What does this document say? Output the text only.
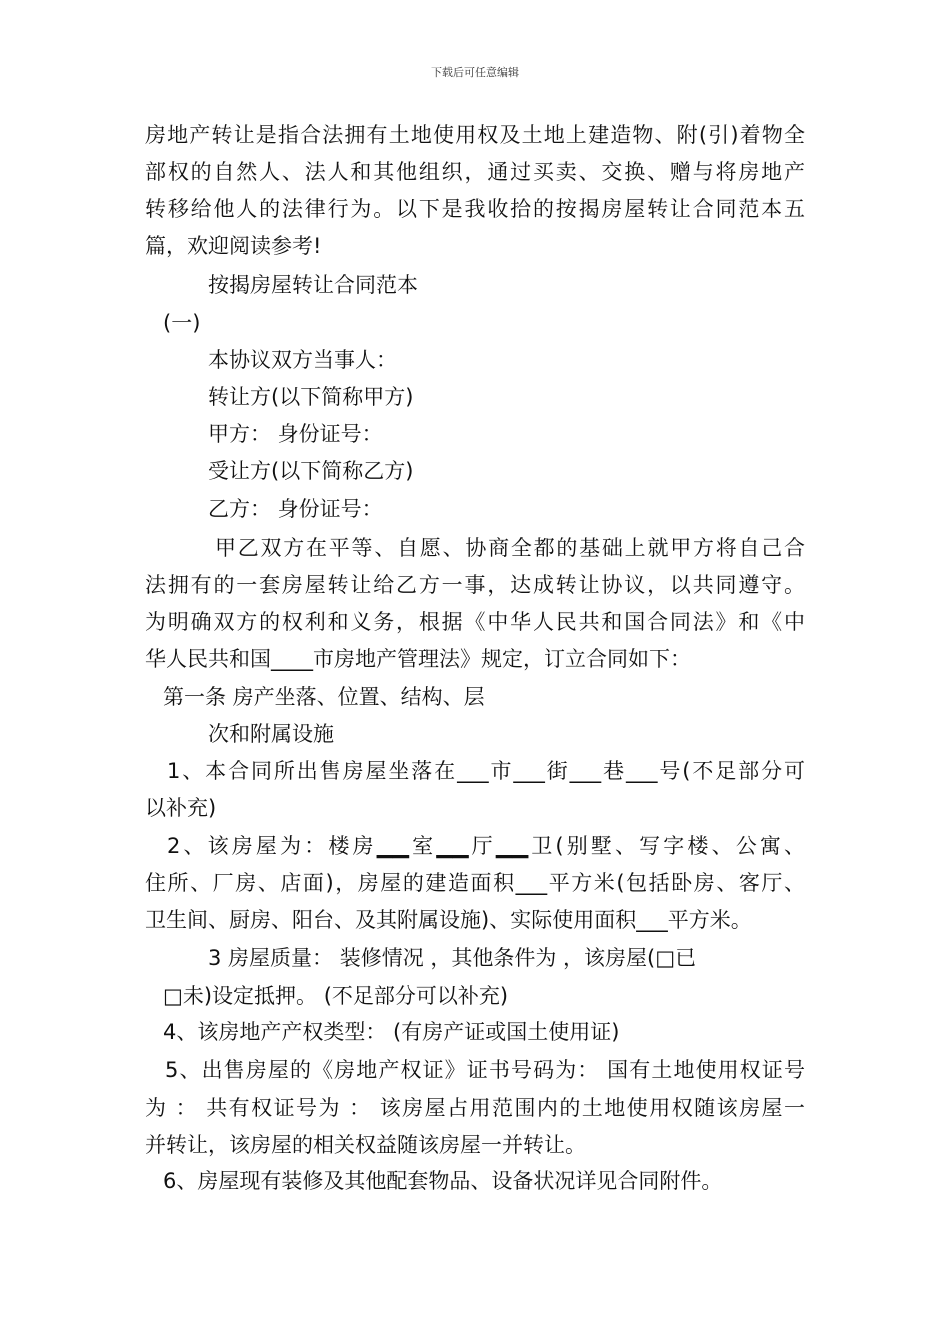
下载后可任意编辑
房地产转让是指合法拥有土地使用权及土地上建造物、附(引)着物全
部权的自然人、法人和其他组织，通过买卖、交换、赠与将房地产
转移给他人的法律行为。以下是我收拾的按揭房屋转让合同范本五
篇，欢迎阅读参考!
按揭房屋转让合同范本
(一)
本协议双方当事人：
转让方(以下简称甲方)
甲方： 身份证号：
受让方(以下简称乙方)
乙方： 身份证号：
甲乙双方在平等、自愿、协商全都的基础上就甲方将自己合
法拥有的一套房屋转让给乙方一事，达成转让协议，以共同遵守。
为明确双方的权利和义务，根据《中华人民共和国合同法》和《中
华人民共和国____市房地产管理法》规定，订立合同如下：
第一条 房产坐落、位置、结构、层
次和附属设施
1、本合同所出售房屋坐落在___市___街___巷___号(不足部分可
以补充)
2、该房屋为：楼房▁▁室▁▁厅▁▁卫(别墅、写字楼、公寓、
住所、厂房、店面)，房屋的建造面积___平方米(包括卧房、客厅、
卫生间、厨房、阳台、及其附属设施)、实际使用面积___平方米。
3 房屋质量： 装修情况 ，其他条件为 ，该房屋(□已
□未)设定抵押。 (不足部分可以补充)
4、该房地产产权类型： (有房产证或国土使用证)
5、出售房屋的《房地产权证》证书号码为： 国有土地使用权证号
为 ： 共有权证号为 ： 该房屋占用范围内的土地使用权随该房屋一
并转让，该房屋的相关权益随该房屋一并转让。
6、房屋现有装修及其他配套物品、设备状况详见合同附件。
